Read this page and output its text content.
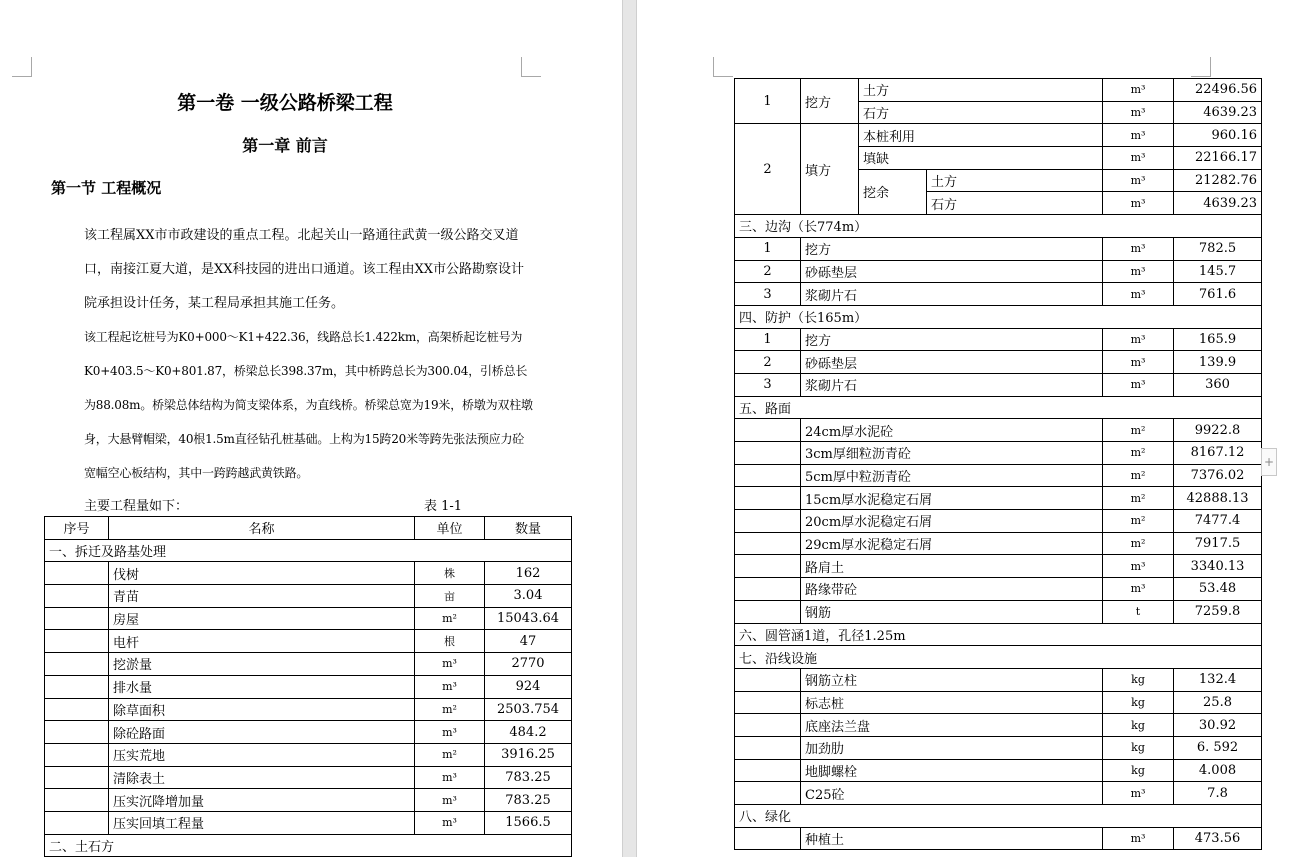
第一卷 一级公路桥梁工程
第一章 前言
第一节 工程概况

该工程属XX市市政建设的重点工程。北起关山一路通往武黄一级公路交叉道口，南接江夏大道，是XX科技园的进出口通道。该工程由XX市公路勘察设计院承担设计任务，某工程局承担其施工任务。

该工程起讫桩号为K0+000～K1+422.36，线路总长1.422km，高架桥起讫桩号为K0+403.5～K0+801.87，桥梁总长398.37m，其中桥跨总长为300.04，引桥总长为88.08m。桥梁总体结构为简支梁体系，为直线桥。桥梁总宽为19米，桥墩为双柱墩身，大悬臂帽梁，40根1.5m直径钻孔桩基础。上构为15跨20米等跨先张法预应力砼宽幅空心板结构，其中一跨跨越武黄铁路。

主要工程量如下：	表 1-1
序号	名称	单位	数量
一、拆迁及路基处理			
	伐树	株	162
	青苗	亩	3.04
	房屋	m²	15043.64
	电杆	根	47
	挖淤量	m³	2770
	排水量	m³	924
	除草面积	m²	2503.754
	除砼路面	m³	484.2
	压实荒地	m²	3916.25
	清除表土	m³	783.25
	压实沉降增加量	m³	783.25
	压实回填工程量	m³	1566.5
二、土石方			
1	挖方	土方		m³	22496.56
		石方		m³	4639.23
2	填方	本桩利用		m³	960.16
		填缺		m³	22166.17
		挖余	土方	m³	21282.76
			石方	m³	4639.23
三、边沟（长774m）					
1	挖方			m³	782.5
2	砂砾垫层			m³	145.7
3	浆砌片石			m³	761.6
四、防护（长165m）					
1	挖方			m³	165.9
2	砂砾垫层			m³	139.9
3	浆砌片石			m³	360
五、路面					
	24cm厚水泥砼			m²	9922.8
	3cm厚细粒沥青砼			m²	8167.12
	5cm厚中粒沥青砼			m²	7376.02
	15cm厚水泥稳定石屑			m²	42888.13
	20cm厚水泥稳定石屑			m²	7477.4
	29cm厚水泥稳定石屑			m²	7917.5
	路肩土			m³	3340.13
	路缘带砼			m³	53.48
	钢筋			t	7259.8
六、圆管涵1道，孔径1.25m					
七、沿线设施					
	钢筋立柱			kg	132.4
	标志桩			kg	25.8
	底座法兰盘			kg	30.92
	加劲肋			kg	6. 592
	地脚螺栓			kg	4.008
	C25砼			m³	7.8
八、绿化					
	种植土			m³	473.56
+
